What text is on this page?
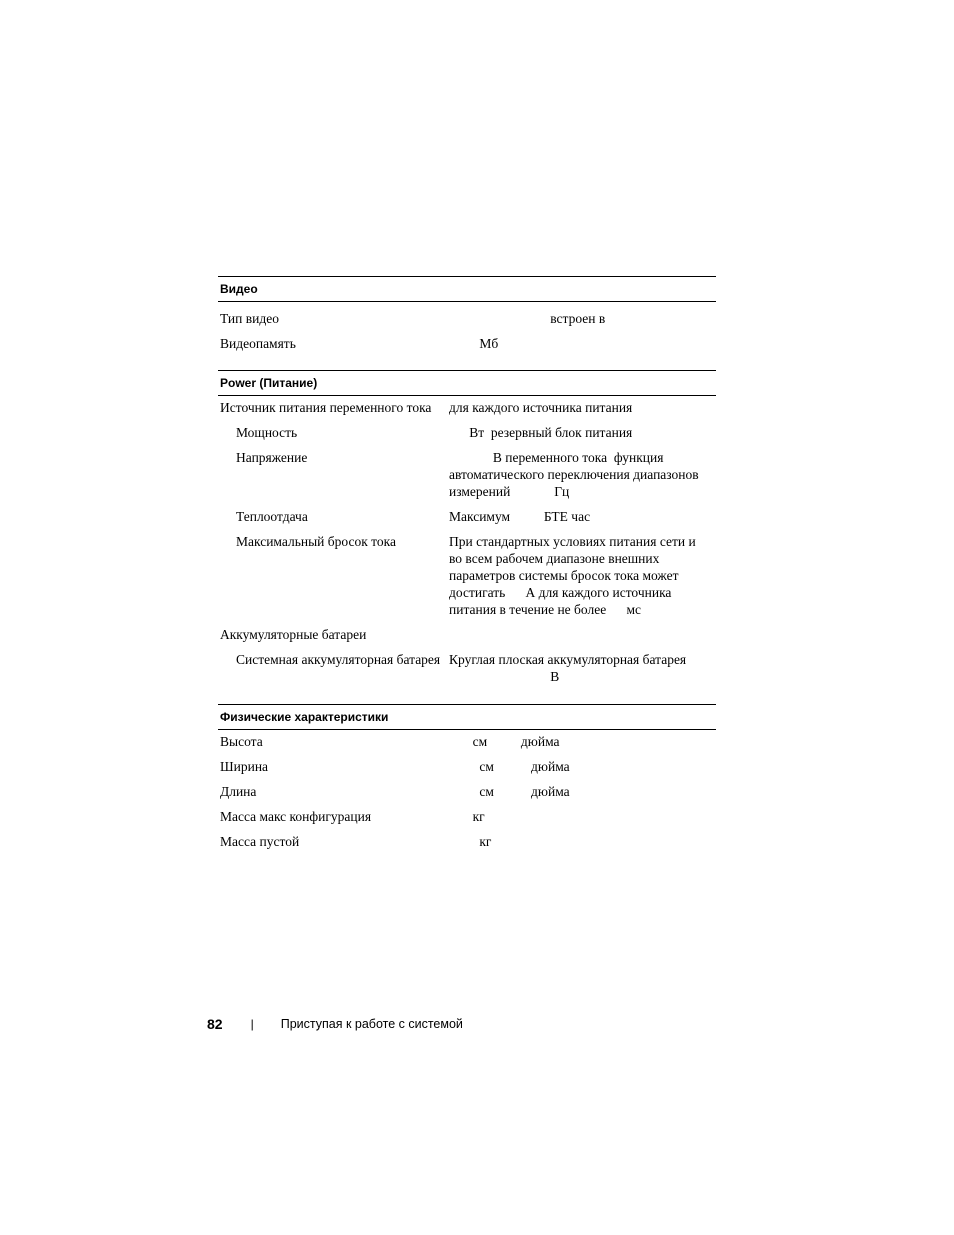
Видео
Тип видео	встроен в
Видеопамять	Мб
Power (Питание)
Источник питания переменного тока	для каждого источника питания
Мощность	Вт  резервный блок питания
Напряжение	В переменного тока  функция
автоматического переключения диапазонов
измерений             Гц
Теплоотдача	Максимум          БТЕ час
Максимальный бросок тока	При стандартных условиях питания сети и
во всем рабочем диапазоне внешних
параметров системы бросок тока может
достигать      А для каждого источника
питания в течение не более      мс
Аккумуляторные батареи
Системная аккумуляторная батарея Круглая плоская аккумуляторная батарея
В
Физические характеристики
Высота	см          дюйма
Ширина	см           дюйма
Длина	см           дюйма
Масса макс конфигурация	кг
Масса пустой	кг
82 | Приступая к работе с системой
